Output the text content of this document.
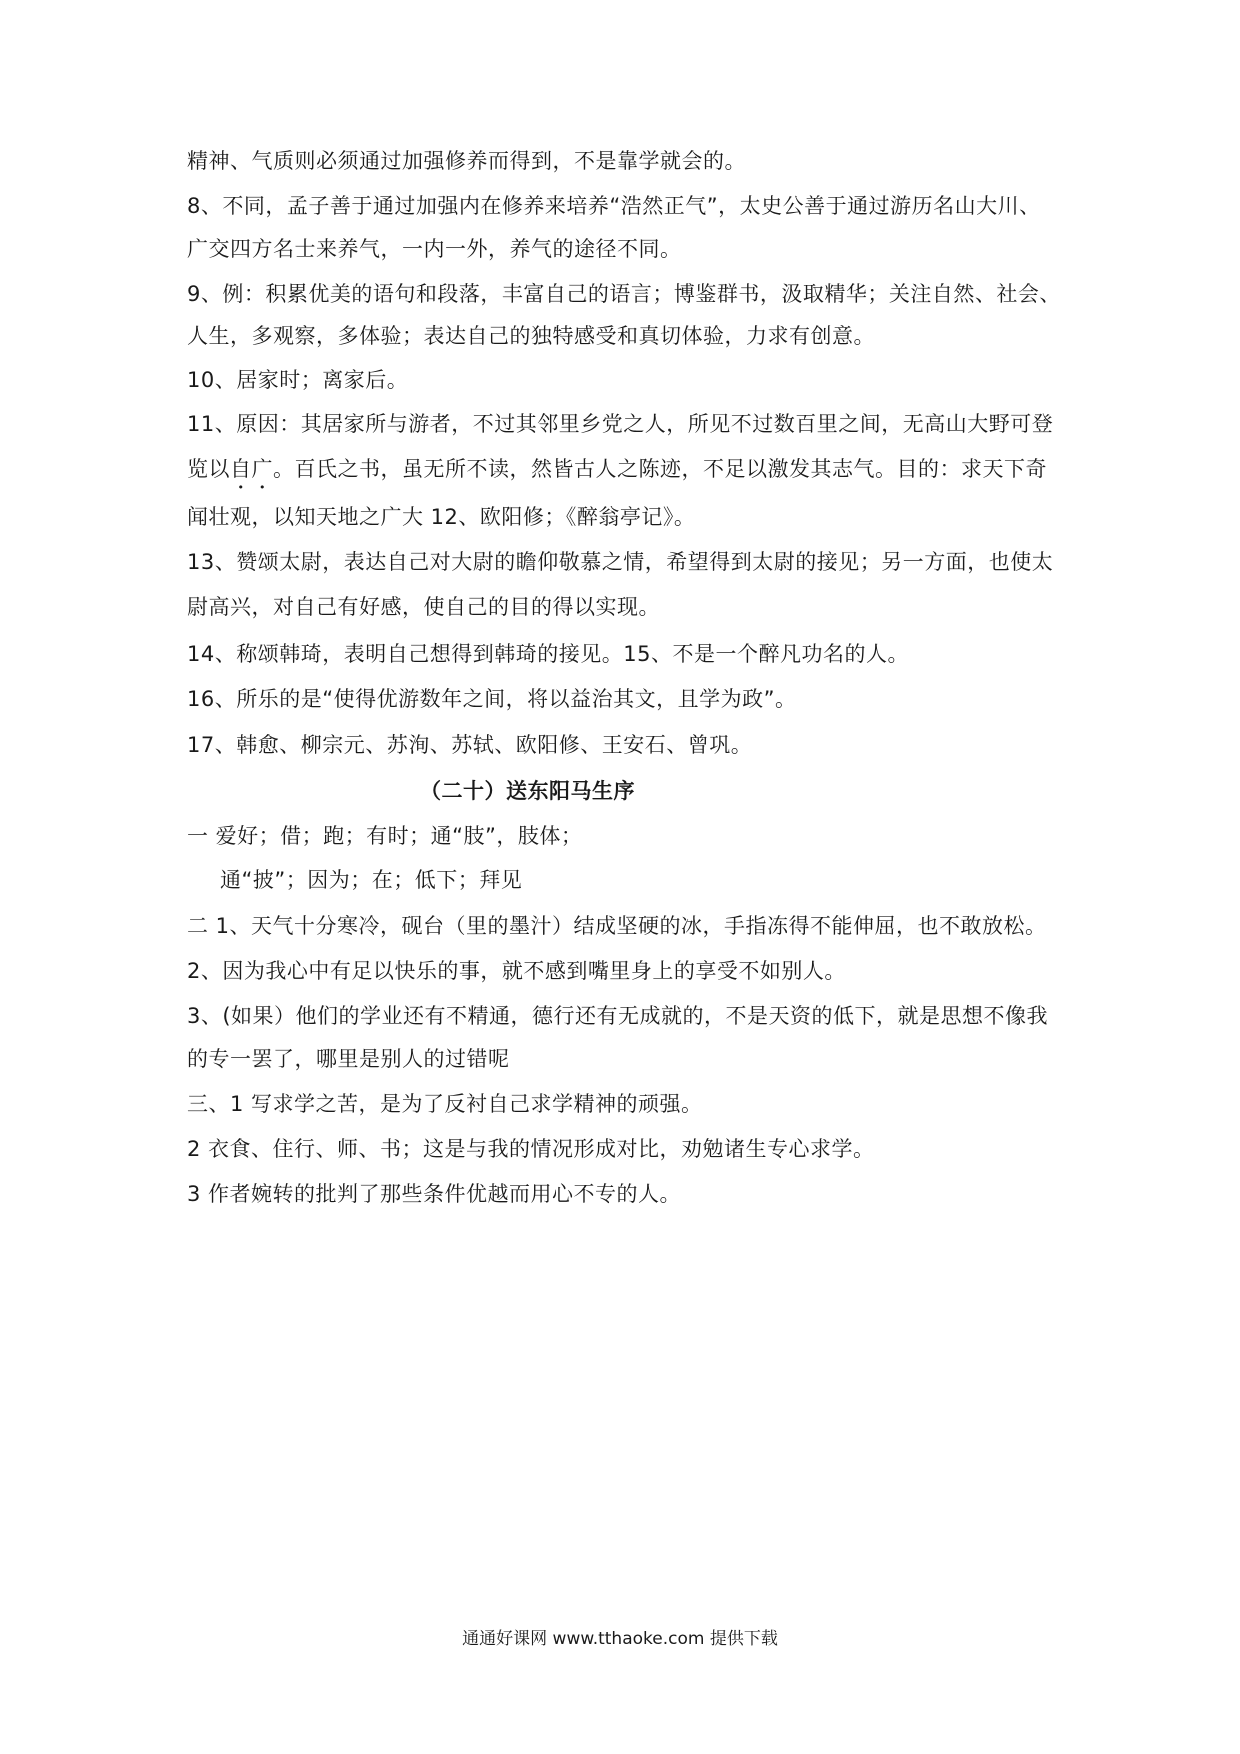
精神、气质则必须通过加强修养而得到，不是靠学就会的。
8、不同，孟子善于通过加强内在修养来培养“浩然正气”，太史公善于通过游历名山大川、
广交四方名士来养气，一内一外，养气的途径不同。
9、例：积累优美的语句和段落，丰富自己的语言；博鉴群书，汲取精华；关注自然、社会、
人生，多观察，多体验；表达自己的独特感受和真切体验，力求有创意。
10、居家时；离家后。
11、原因：其居家所与游者，不过其邻里乡党之人，所见不过数百里之间，无高山大野可登
览以自广。百氏之书，虽无所不读，然皆古人之陈迹，不足以激发其志气。目的：求天下奇
闻壮观，以知天地之广大 12、欧阳修；《醉翁亭记》。
13、赞颂太尉，表达自己对大尉的瞻仰敬慕之情，希望得到太尉的接见；另一方面，也使太
尉高兴，对自己有好感，使自己的目的得以实现。
14、称颂韩琦，表明自己想得到韩琦的接见。15、不是一个醉凡功名的人。
16、所乐的是“使得优游数年之间，将以益治其文，且学为政”。
17、韩愈、柳宗元、苏洵、苏轼、欧阳修、王安石、曾巩。
（二十）送东阳马生序
一 爱好；借；跑；有时；通“肢”，肢体；
通“披”；因为；在；低下；拜见
二 1、天气十分寒冷，砚台（里的墨汁）结成坚硬的冰，手指冻得不能伸屈，也不敢放松。
2、因为我心中有足以快乐的事，就不感到嘴里身上的享受不如别人。
3、(如果）他们的学业还有不精通，德行还有无成就的，不是天资的低下，就是思想不像我
的专一罢了，哪里是别人的过错呢
三、1 写求学之苦，是为了反衬自己求学精神的顽强。
2 衣食、住行、师、书；这是与我的情况形成对比，劝勉诸生专心求学。
3 作者婉转的批判了那些条件优越而用心不专的人。
通通好课网 www.tthaoke.com 提供下载
